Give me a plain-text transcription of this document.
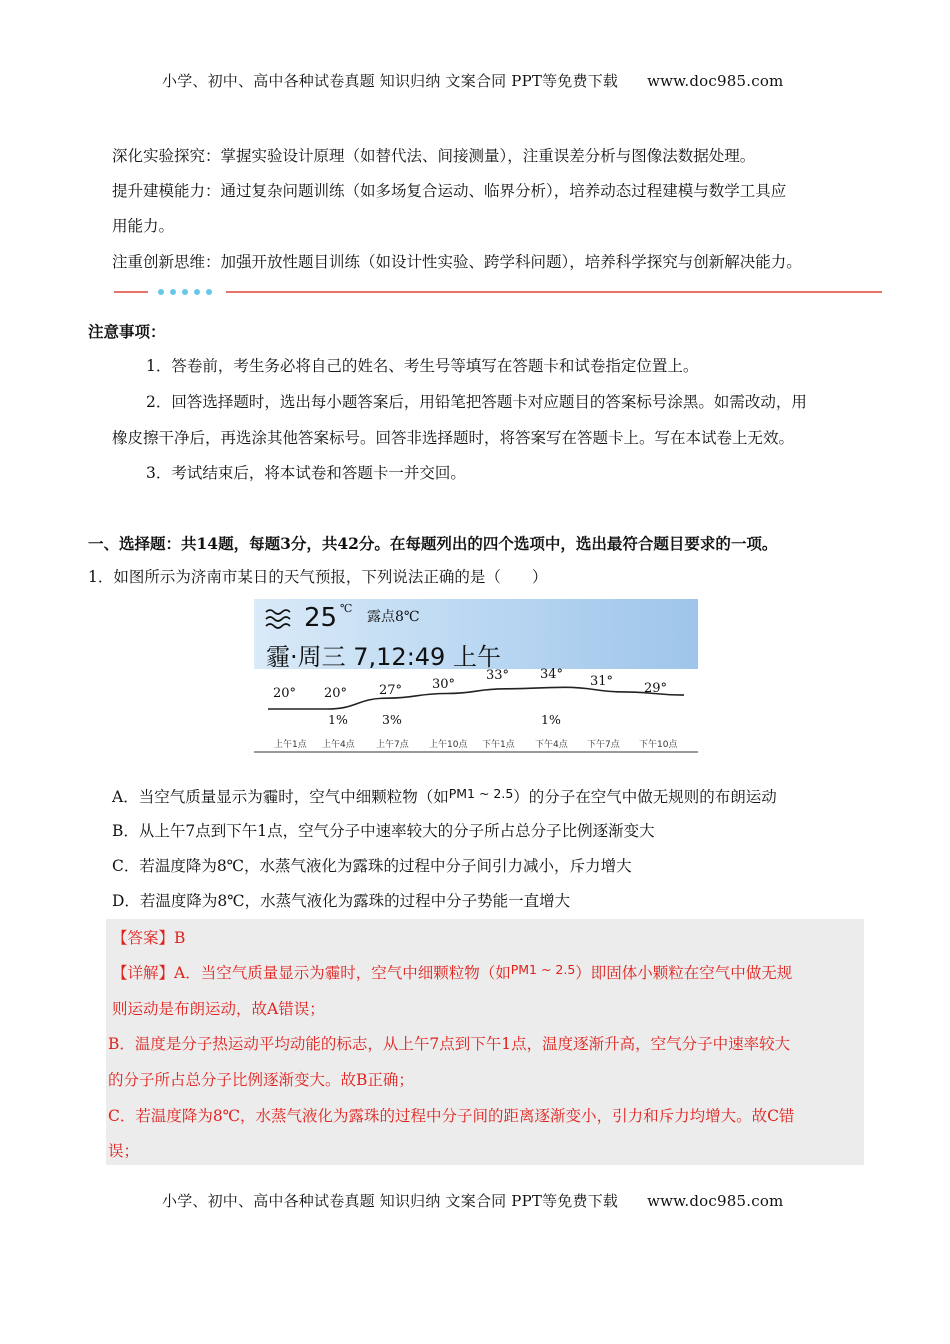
小学、初中、高中各种试卷真题 知识归纳 文案合同 PPT等免费下载 www.doc985.com
深化实验探究：掌握实验设计原理（如替代法、间接测量），注重误差分析与图像法数据处理。
提升建模能力：通过复杂问题训练（如多场复合运动、临界分析），培养动态过程建模与数学工具应
用能力。
注重创新思维：加强开放性题目训练（如设计性实验、跨学科问题），培养科学探究与创新解决能力。
注意事项：
1．答卷前，考生务必将自己的姓名、考生号等填写在答题卡和试卷指定位置上。
2．回答选择题时，选出每小题答案后，用铅笔把答题卡对应题目的答案标号涂黑。如需改动，用
橡皮擦干净后，再选涂其他答案标号。回答非选择题时，将答案写在答题卡上。写在本试卷上无效。
3．考试结束后，将本试卷和答题卡一并交回。
一、选择题：共14题，每题3分，共42分。在每题列出的四个选项中，选出最符合题目要求的一项。
1．如图所示为济南市某日的天气预报，下列说法正确的是（　　）
25 ℃
露点8℃
霾·周三 7,12:49 上午
20° 20° 27° 30°
33° 34° 31° 29°
1%	3%	1%
上午1点 上午4点 上午7点 上午10点 下午1点 下午4点 下午7点 下午10点
A．当空气质量显示为霾时，空气中细颗粒物（如$^{PM1 \sim 2.5}$）的分子在空气中做无规则的布朗运动
B．从上午7点到下午1点，空气分子中速率较大的分子所占总分子比例逐渐变大
C．若温度降为8℃，水蒸气液化为露珠的过程中分子间引力减小，斥力增大
D．若温度降为8℃，水蒸气液化为露珠的过程中分子势能一直增大
【答案】B
【详解】A．当空气质量显示为霾时，空气中细颗粒物（如$^{PM1 \sim 2.5}$）即固体小颗粒在空气中做无规
则运动是布朗运动，故A错误；
B．温度是分子热运动平均动能的标志，从上午7点到下午1点，温度逐渐升高，空气分子中速率较大
的分子所占总分子比例逐渐变大。故B正确；
C．若温度降为8℃，水蒸气液化为露珠的过程中分子间的距离逐渐变小，引力和斥力均增大。故C错
误；
小学、初中、高中各种试卷真题 知识归纳 文案合同 PPT等免费下载 www.doc985.com
